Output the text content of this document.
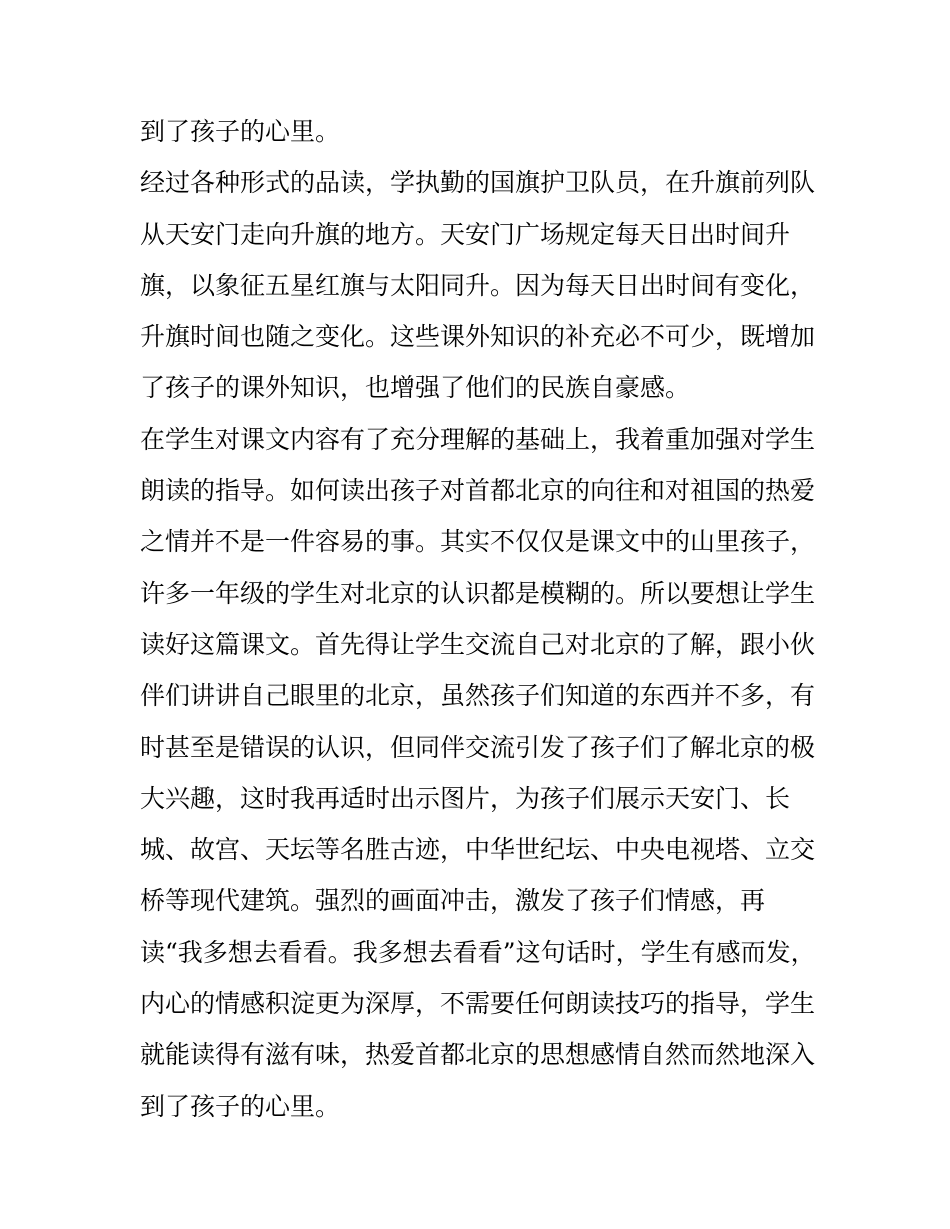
到了孩子的心里。
经过各种形式的品读，学执勤的国旗护卫队员，在升旗前列队
从天安门走向升旗的地方。天安门广场规定每天日出时间升
旗，以象征五星红旗与太阳同升。因为每天日出时间有变化，
升旗时间也随之变化。这些课外知识的补充必不可少，既增加
了孩子的课外知识，也增强了他们的民族自豪感。
在学生对课文内容有了充分理解的基础上，我着重加强对学生
朗读的指导。如何读出孩子对首都北京的向往和对祖国的热爱
之情并不是一件容易的事。其实不仅仅是课文中的山里孩子，
许多一年级的学生对北京的认识都是模糊的。所以要想让学生
读好这篇课文。首先得让学生交流自己对北京的了解，跟小伙
伴们讲讲自己眼里的北京，虽然孩子们知道的东西并不多，有
时甚至是错误的认识，但同伴交流引发了孩子们了解北京的极
大兴趣，这时我再适时出示图片，为孩子们展示天安门、长
城、故宫、天坛等名胜古迹，中华世纪坛、中央电视塔、立交
桥等现代建筑。强烈的画面冲击，激发了孩子们情感，再
读“我多想去看看。我多想去看看”这句话时，学生有感而发，
内心的情感积淀更为深厚，不需要任何朗读技巧的指导，学生
就能读得有滋有味，热爱首都北京的思想感情自然而然地深入
到了孩子的心里。
